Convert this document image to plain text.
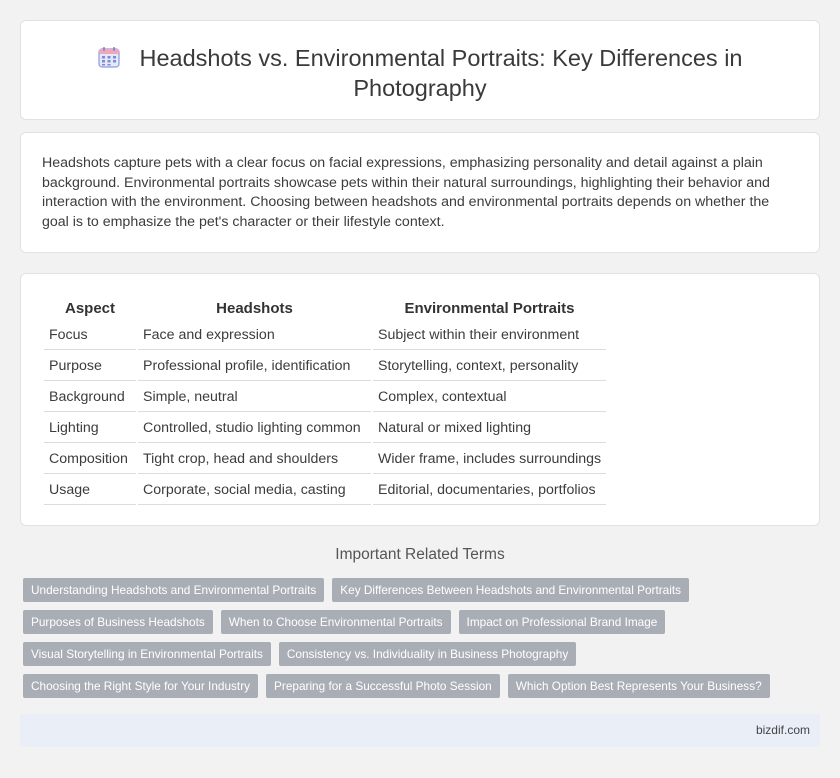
Headshots vs. Environmental Portraits: Key Differences in
Photography

Headshots capture pets with a clear focus on facial expressions, emphasizing personality and detail against a plain background. Environmental portraits showcase pets within their natural surroundings, highlighting their behavior and interaction with the environment. Choosing between headshots and environmental portraits depends on whether the goal is to emphasize the pet's character or their lifestyle context.

Aspect	Headshots	Environmental Portraits
Focus	Face and expression	Subject within their environment
Purpose	Professional profile, identification	Storytelling, context, personality
Background	Simple, neutral	Complex, contextual
Lighting	Controlled, studio lighting common	Natural or mixed lighting
Composition	Tight crop, head and shoulders	Wider frame, includes surroundings
Usage	Corporate, social media, casting	Editorial, documentaries, portfolios
Important Related Terms
Understanding Headshots and Environmental Portraits	Key Differences Between Headshots and Environmental Portraits
Purposes of Business Headshots	When to Choose Environmental Portraits	Impact on Professional Brand Image
Visual Storytelling in Environmental Portraits	Consistency vs. Individuality in Business Photography
Choosing the Right Style for Your Industry	Preparing for a Successful Photo Session	Which Option Best Represents Your Business?
bizdif.com
